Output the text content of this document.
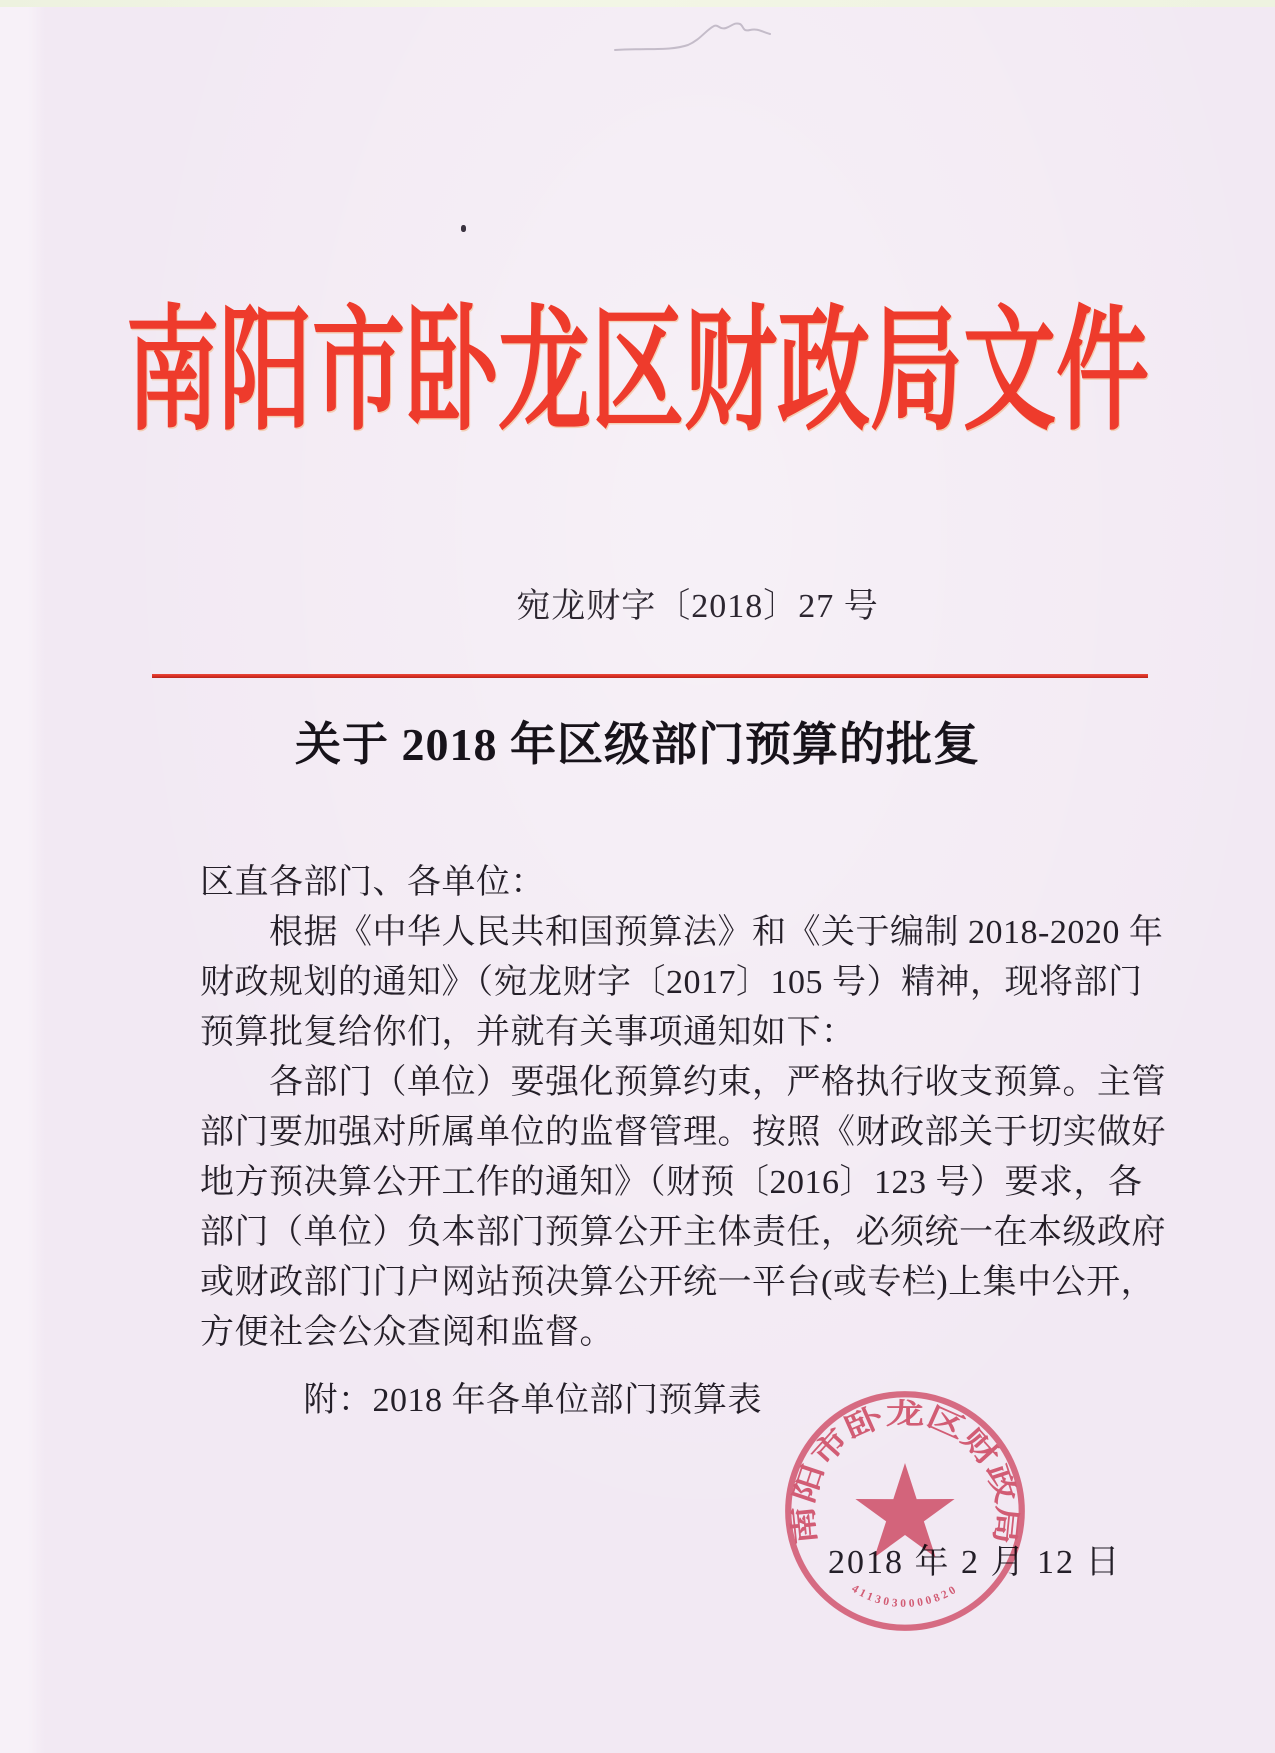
南阳市卧龙区财政局文件
宛龙财字〔2018〕27 号
关于 2018 年区级部门预算的批复
区直各部门、各单位：
　　根据《中华人民共和国预算法》和《关于编制 2018-2020 年
财政规划的通知》（宛龙财字〔2017〕105 号）精神，现将部门
预算批复给你们，并就有关事项通知如下：
　　各部门（单位）要强化预算约束，严格执行收支预算。主管
部门要加强对所属单位的监督管理。按照《财政部关于切实做好
地方预决算公开工作的通知》（财预〔2016〕123 号）要求，各
部门（单位）负本部门预算公开主体责任，必须统一在本级政府
或财政部门门户网站预决算公开统一平台(或专栏)上集中公开，
方便社会公众查阅和监督。
　　　附：2018 年各单位部门预算表
2018 年 2 月 12 日
南阳市卧龙区财政局
4113030000820
